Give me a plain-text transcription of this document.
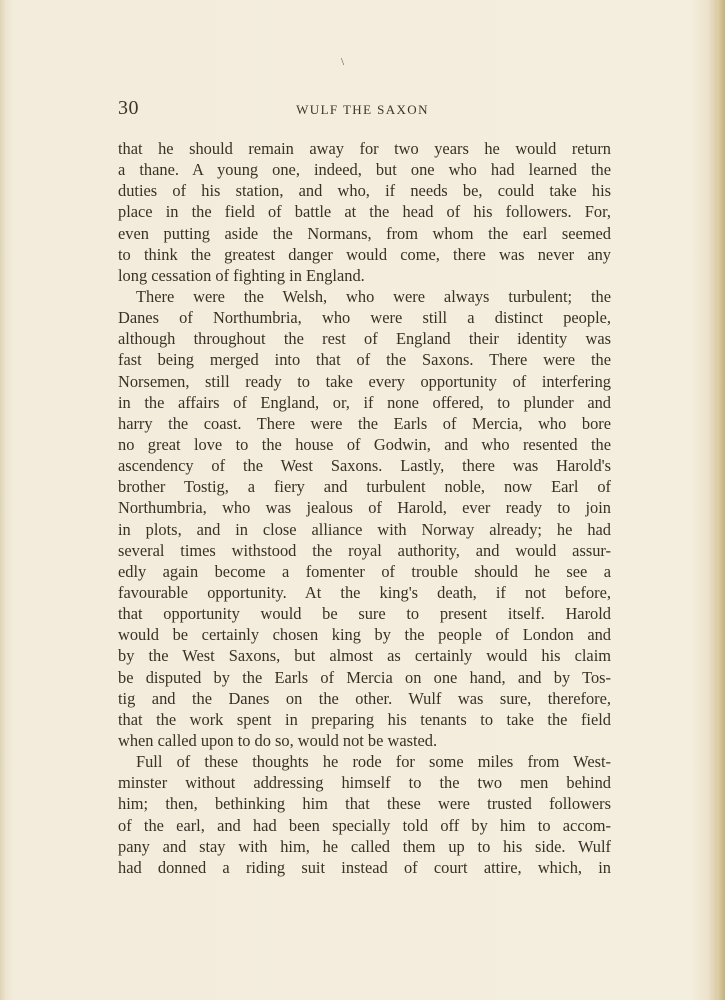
\
30	WULF THE SAXON
that he should remain away for two years he would return
a thane. A young one, indeed, but one who had learned the
duties of his station, and who, if needs be, could take his
place in the field of battle at the head of his followers. For,
even putting aside the Normans, from whom the earl seemed
to think the greatest danger would come, there was never any
long cessation of fighting in England.
There were the Welsh, who were always turbulent; the
Danes of Northumbria, who were still a distinct people,
although throughout the rest of England their identity was
fast being merged into that of the Saxons. There were the
Norsemen, still ready to take every opportunity of interfering
in the affairs of England, or, if none offered, to plunder and
harry the coast. There were the Earls of Mercia, who bore
no great love to the house of Godwin, and who resented the
ascendency of the West Saxons. Lastly, there was Harold's
brother Tostig, a fiery and turbulent noble, now Earl of
Northumbria, who was jealous of Harold, ever ready to join
in plots, and in close alliance with Norway already; he had
several times withstood the royal authority, and would assur-
edly again become a fomenter of trouble should he see a
favourable opportunity. At the king's death, if not before,
that opportunity would be sure to present itself. Harold
would be certainly chosen king by the people of London and
by the West Saxons, but almost as certainly would his claim
be disputed by the Earls of Mercia on one hand, and by Tos-
tig and the Danes on the other. Wulf was sure, therefore,
that the work spent in preparing his tenants to take the field
when called upon to do so, would not be wasted.
Full of these thoughts he rode for some miles from West-
minster without addressing himself to the two men behind
him; then, bethinking him that these were trusted followers
of the earl, and had been specially told off by him to accom-
pany and stay with him, he called them up to his side. Wulf
had donned a riding suit instead of court attire, which, in
